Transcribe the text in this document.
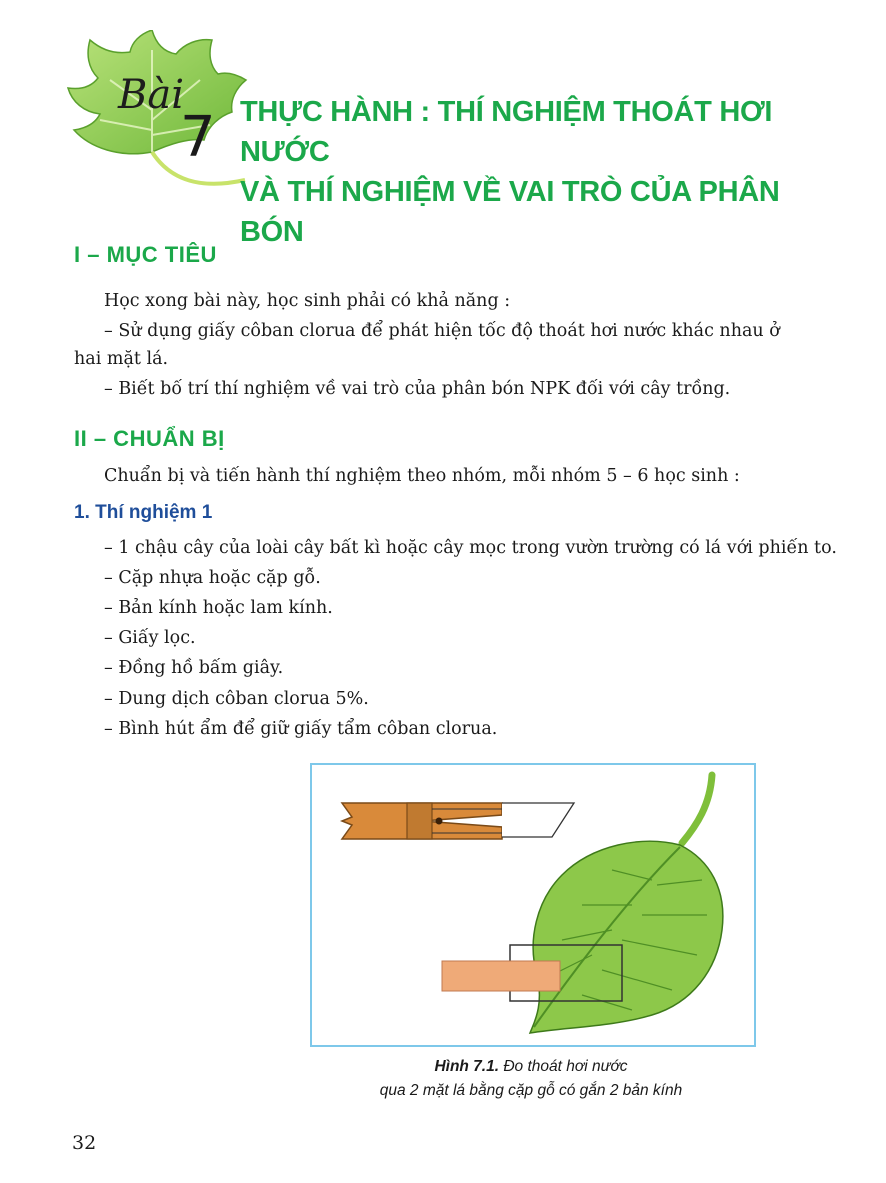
Bài
7 THỰC HÀNH : THÍ NGHIỆM THOÁT HƠI NƯỚC
VÀ THÍ NGHIỆM VỀ VAI TRÒ CỦA PHÂN BÓN
I – MỤC TIÊU
Học xong bài này, học sinh phải có khả năng :
– Sử dụng giấy côban clorua để phát hiện tốc độ thoát hơi nước khác nhau ở
hai mặt lá.
– Biết bố trí thí nghiệm về vai trò của phân bón NPK đối với cây trồng.
II – CHUẨN BỊ
Chuẩn bị và tiến hành thí nghiệm theo nhóm, mỗi nhóm 5 – 6 học sinh :
1. Thí nghiệm 1
– 1 chậu cây của loài cây bất kì hoặc cây mọc trong vườn trường có lá với phiến to.
– Cặp nhựa hoặc cặp gỗ.
– Bản kính hoặc lam kính.
– Giấy lọc.
– Đồng hồ bấm giây.
– Dung dịch côban clorua 5%.
– Bình hút ẩm để giữ giấy tẩm côban clorua.
Hình 7.1. Đo thoát hơi nước
qua 2 mặt lá bằng cặp gỗ có gắn 2 bản kính
32
